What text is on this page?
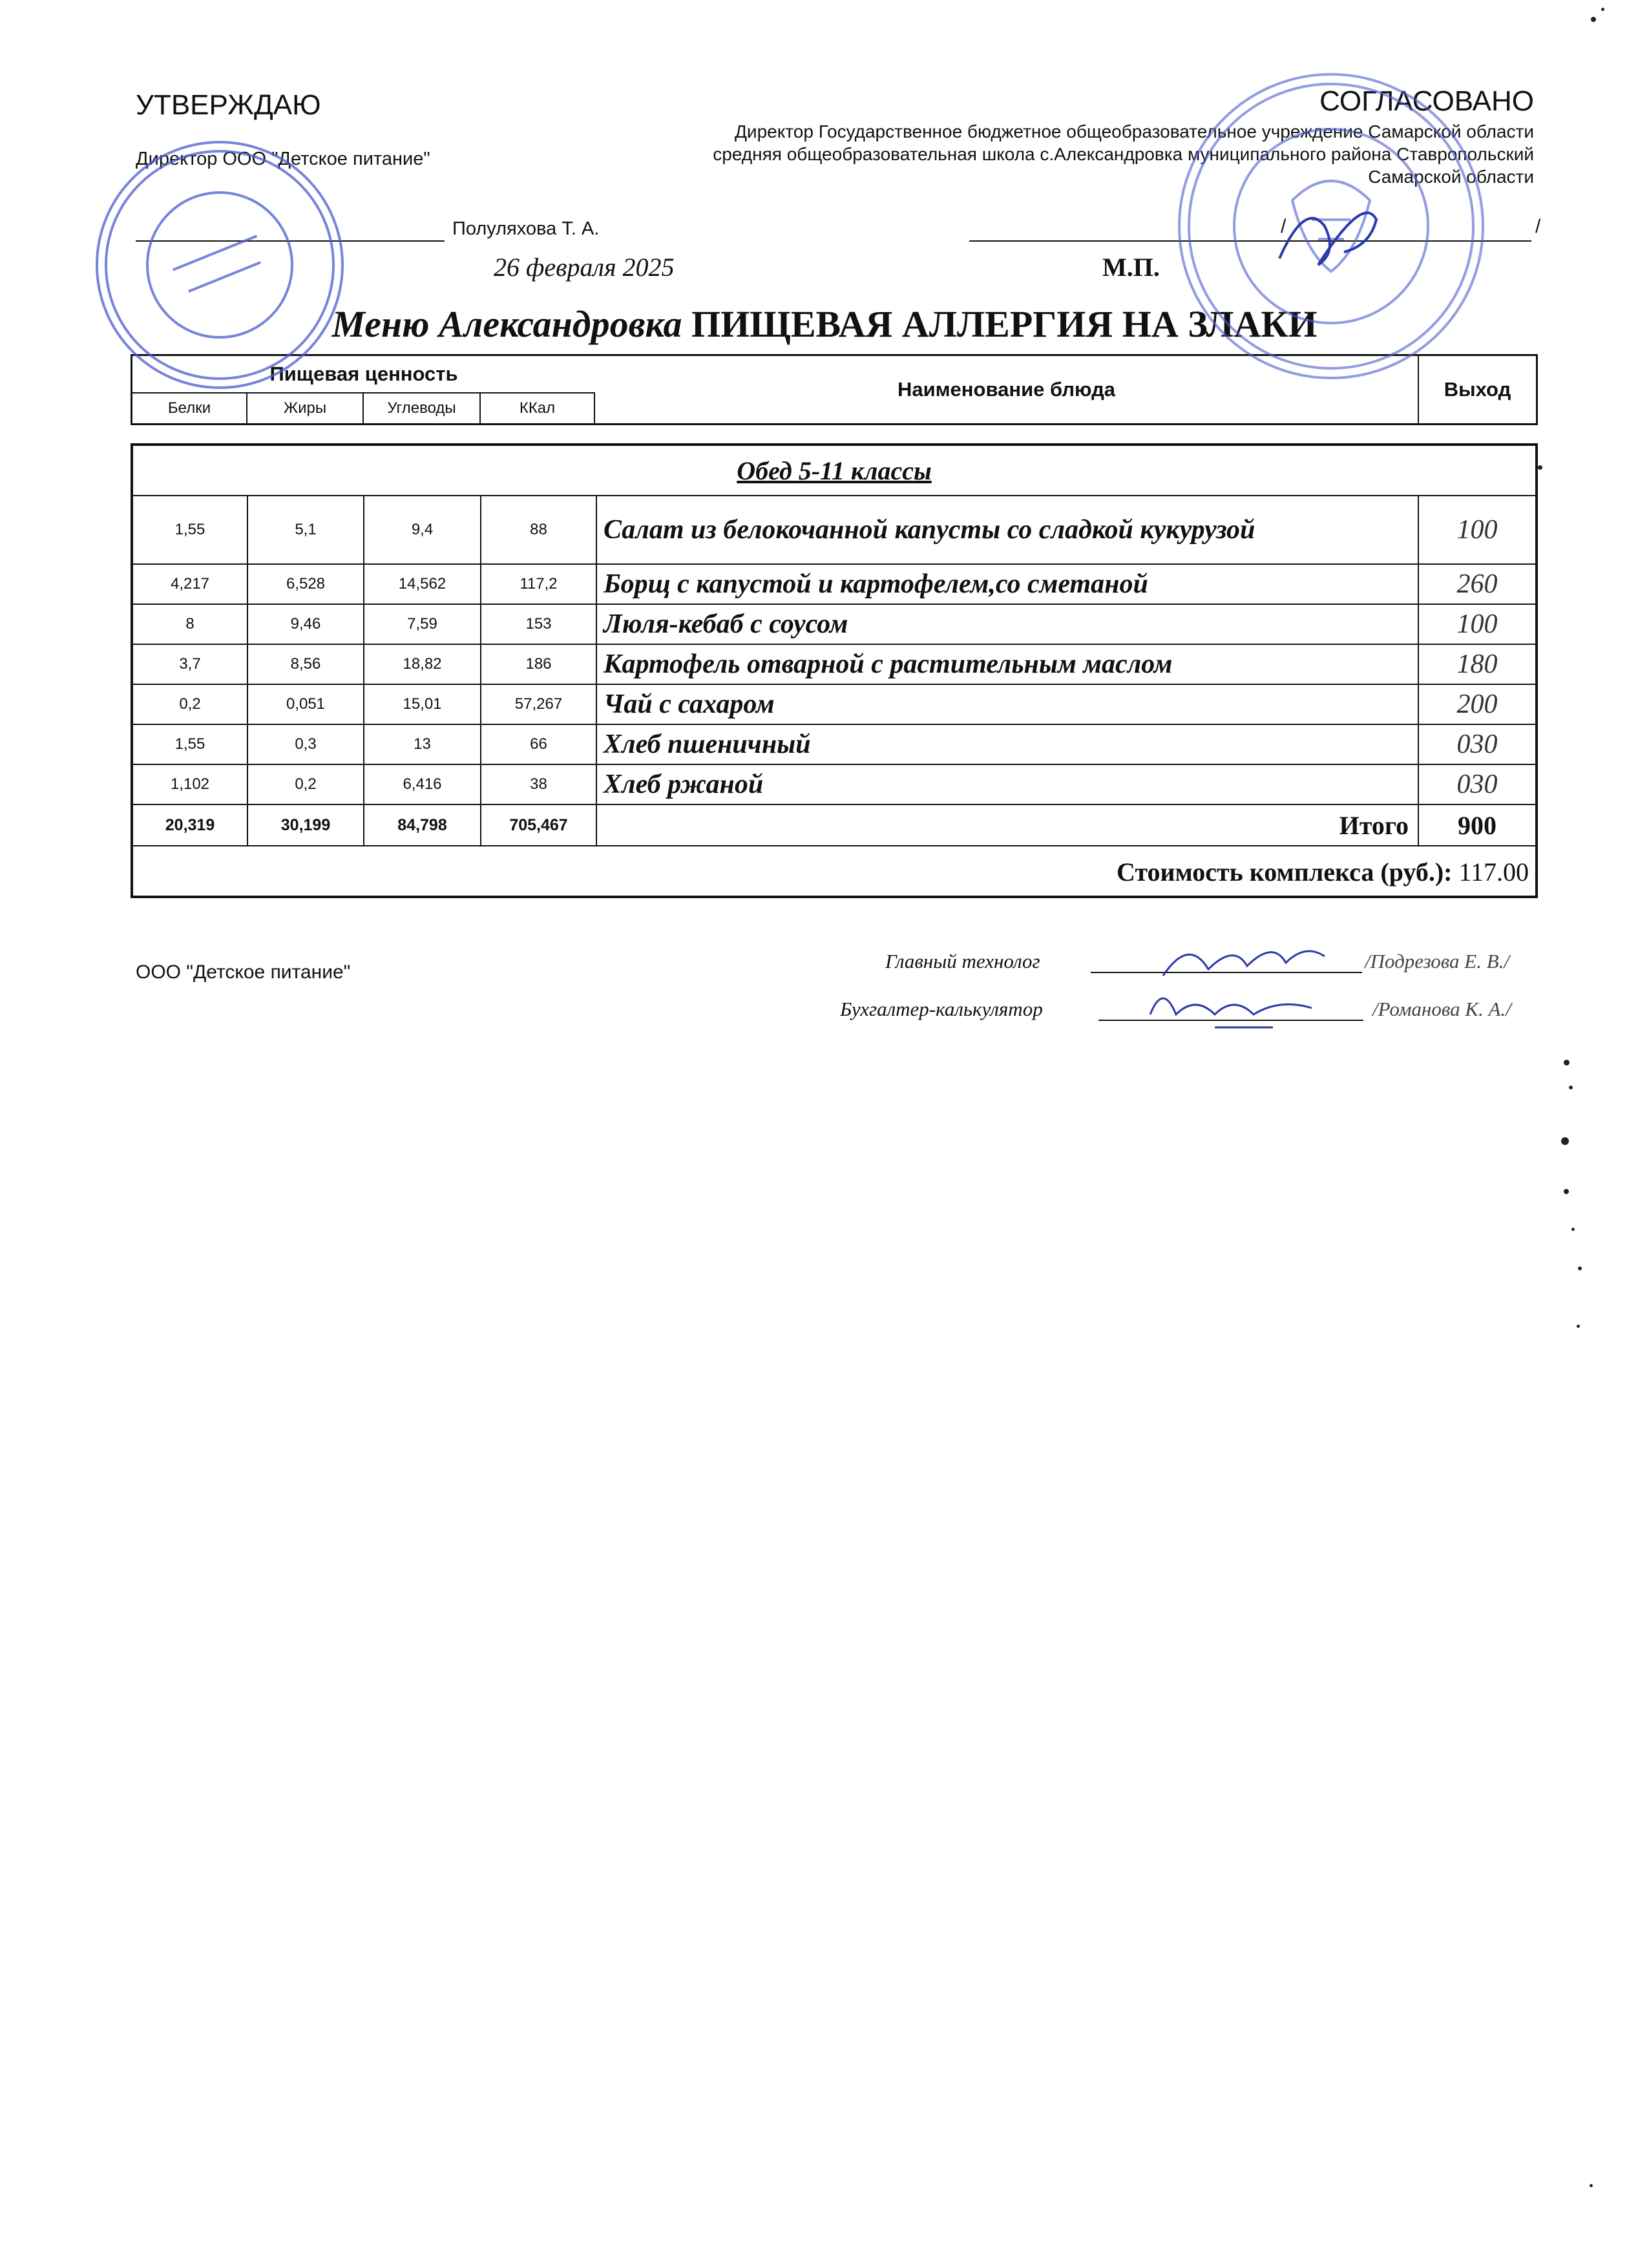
УТВЕРЖДАЮ
Директор ООО "Детское питание"
Полуляхова Т. А.
26 февраля 2025
СОГЛАСОВАНО
Директор Государственное бюджетное общеобразовательное учреждение Самарской области средняя общеобразовательная школа с.Александровка муниципального района Ставропольский Самарской области
/	/
М.П.
Меню Александровка ПИЩЕВАЯ АЛЛЕРГИЯ НА ЗЛАКИ
Пищевая ценность
Наименование блюда	Выход
Белки	Жиры	Углеводы	ККал
Обед 5-11 классы
1,55	5,1	9,4	88	Салат из белокочанной капусты со сладкой кукурузой	100
4,217	6,528	14,562	117,2	Борщ с капустой и картофелем,со сметаной	260
8	9,46	7,59	153	Люля-кебаб с соусом	100
3,7	8,56	18,82	186	Картофель отварной с растительным маслом	180
0,2	0,051	15,01	57,267	Чай с сахаром	200
1,55	0,3	13	66	Хлеб пшеничный	030
1,102	0,2	6,416	38	Хлеб ржаной	030
20,319	30,199	84,798	705,467	Итого	900
Стоимость комплекса (руб.): 117.00
ООО "Детское питание"	Главный технолог	/Подрезова Е. В./
Бухгалтер-калькулятор	/Романова К. А./
